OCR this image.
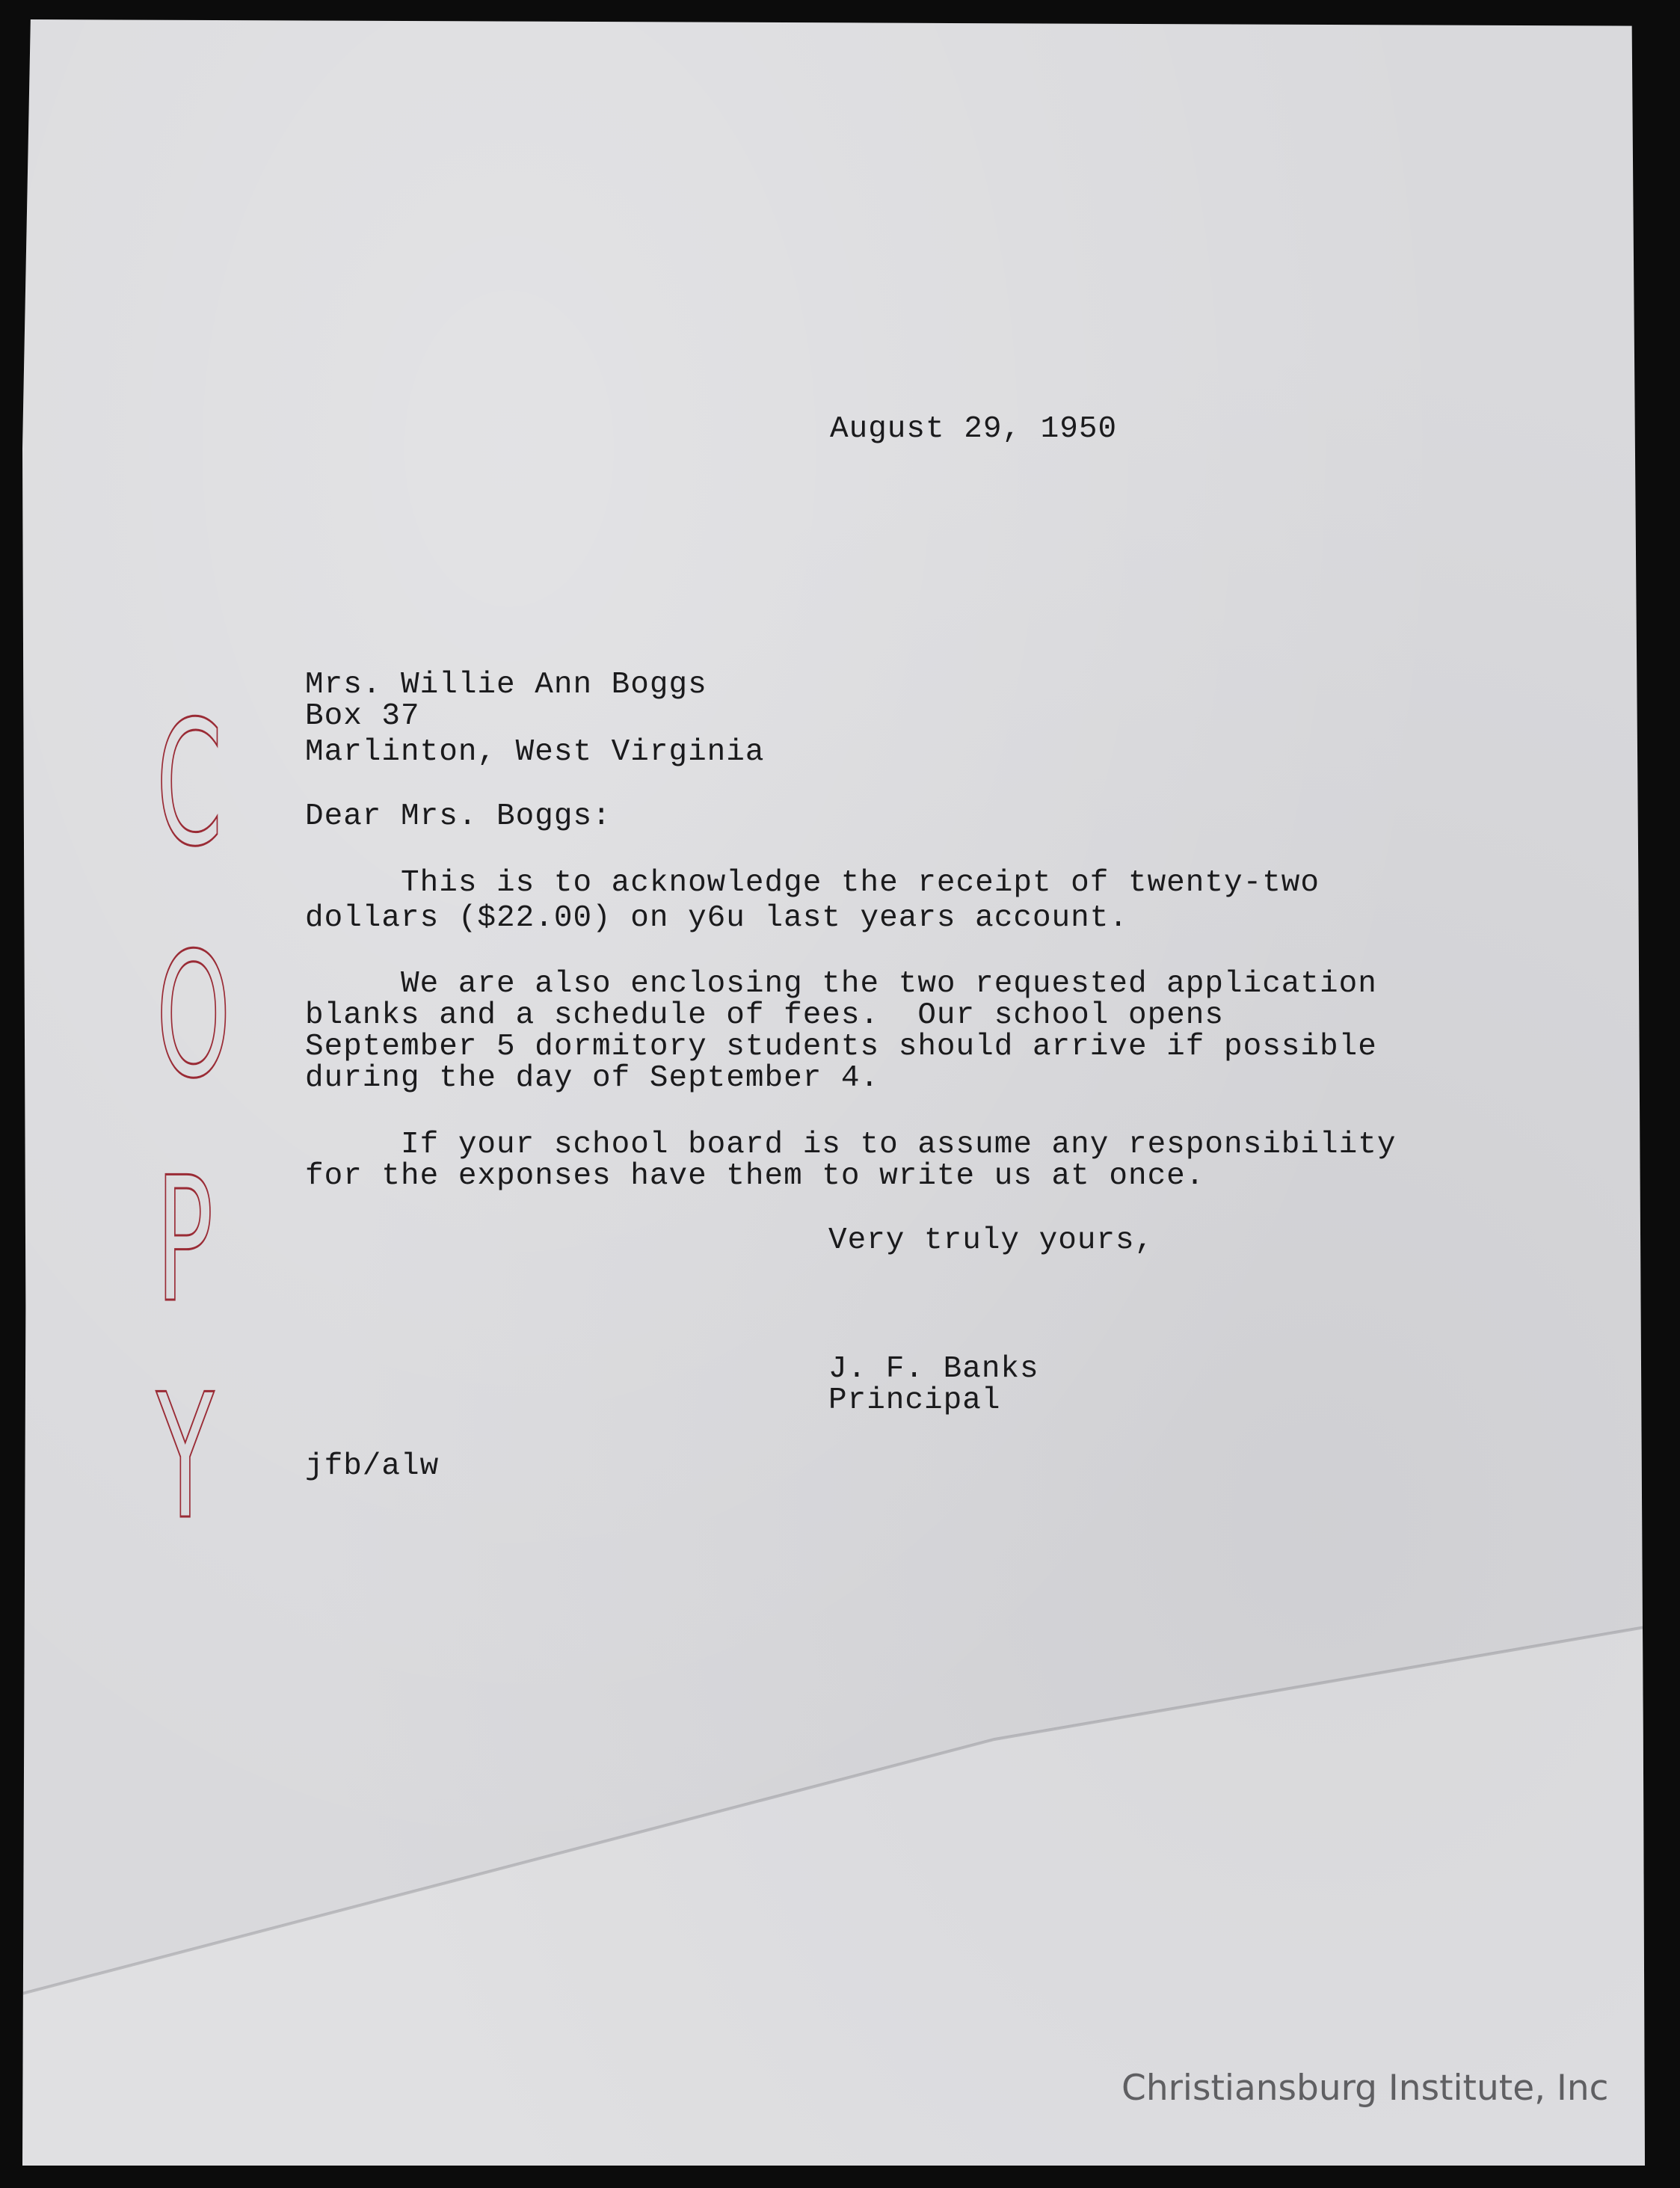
August 29, 1950
Mrs. Willie Ann Boggs
Box 37
Marlinton, West Virginia
Dear Mrs. Boggs:
This is to acknowledge the receipt of twenty-two
dollars ($22.00) on y6u last years account.
We are also enclosing the two requested application
blanks and a schedule of fees.  Our school opens
September 5 dormitory students should arrive if possible
during the day of September 4.
If your school board is to assume any responsibility
for the exponses have them to write us at once.
Very truly yours,
J. F. Banks
Principal
jfb/alw
C
O
P
Y
Christiansburg Institute, Inc
